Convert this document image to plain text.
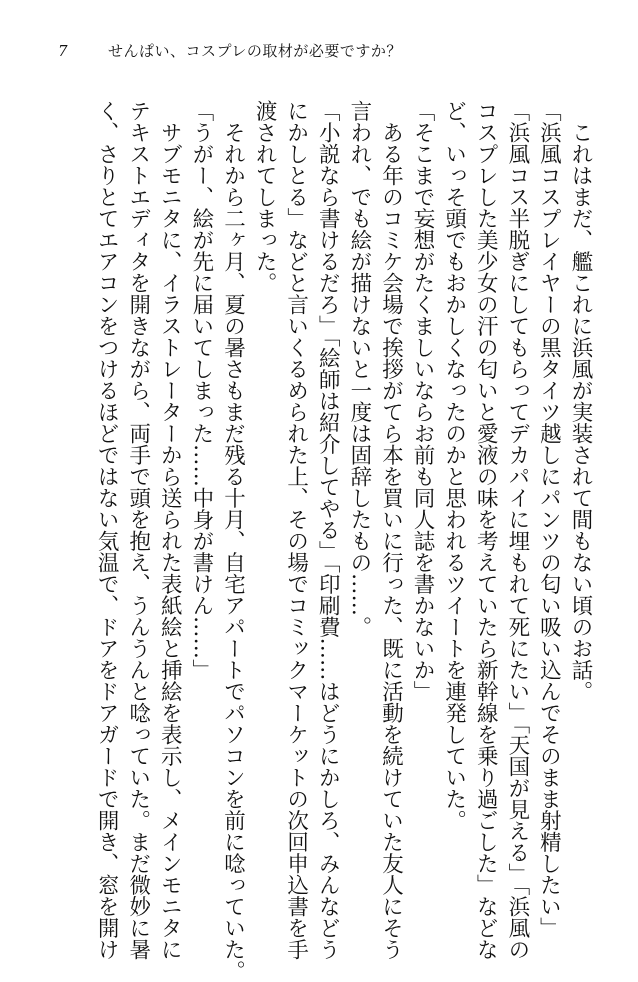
7	せんぱい、コスプレの取材が必要ですか？
　これはまだ、艦これに浜風が実装されて間もない頃のお話。
「浜風コスプレイヤーの黒タイツ越しにパンツの匂い吸い込んでそのまま射精したい」
「浜風コス半脱ぎにしてもらってデカパイに埋もれて死にたい」「天国が見える」「浜風の
コスプレした美少女の汗の匂いと愛液の味を考えていたら新幹線を乗り過ごした」などな
ど、いっそ頭でもおかしくなったのかと思われるツイートを連発していた。
「そこまで妄想がたくましいならお前も同人誌を書かないか」
　ある年のコミケ会場で挨拶がてら本を買いに行った、既に活動を続けていた友人にそう
言われ、でも絵が描けないと一度は固辞したもの……。
「小説なら書けるだろ」「絵師は紹介してやる」「印刷費……はどうにかしろ、みんなどう
にかしとる」などと言いくるめられた上、その場でコミックマーケットの次回申込書を手
渡されてしまった。
　それから二ヶ月、夏の暑さもまだ残る十月、自宅アパートでパソコンを前に唸っていた。
「うがー、絵が先に届いてしまった……中身が書けん……」
　サブモニタに、イラストレーターから送られた表紙絵と挿絵を表示し、メインモニタに
テキストエディタを開きながら、両手で頭を抱え、うんうんと唸っていた。まだ微妙に暑
く、さりとてエアコンをつけるほどではない気温で、ドアをドアガードで開き、窓を開け
